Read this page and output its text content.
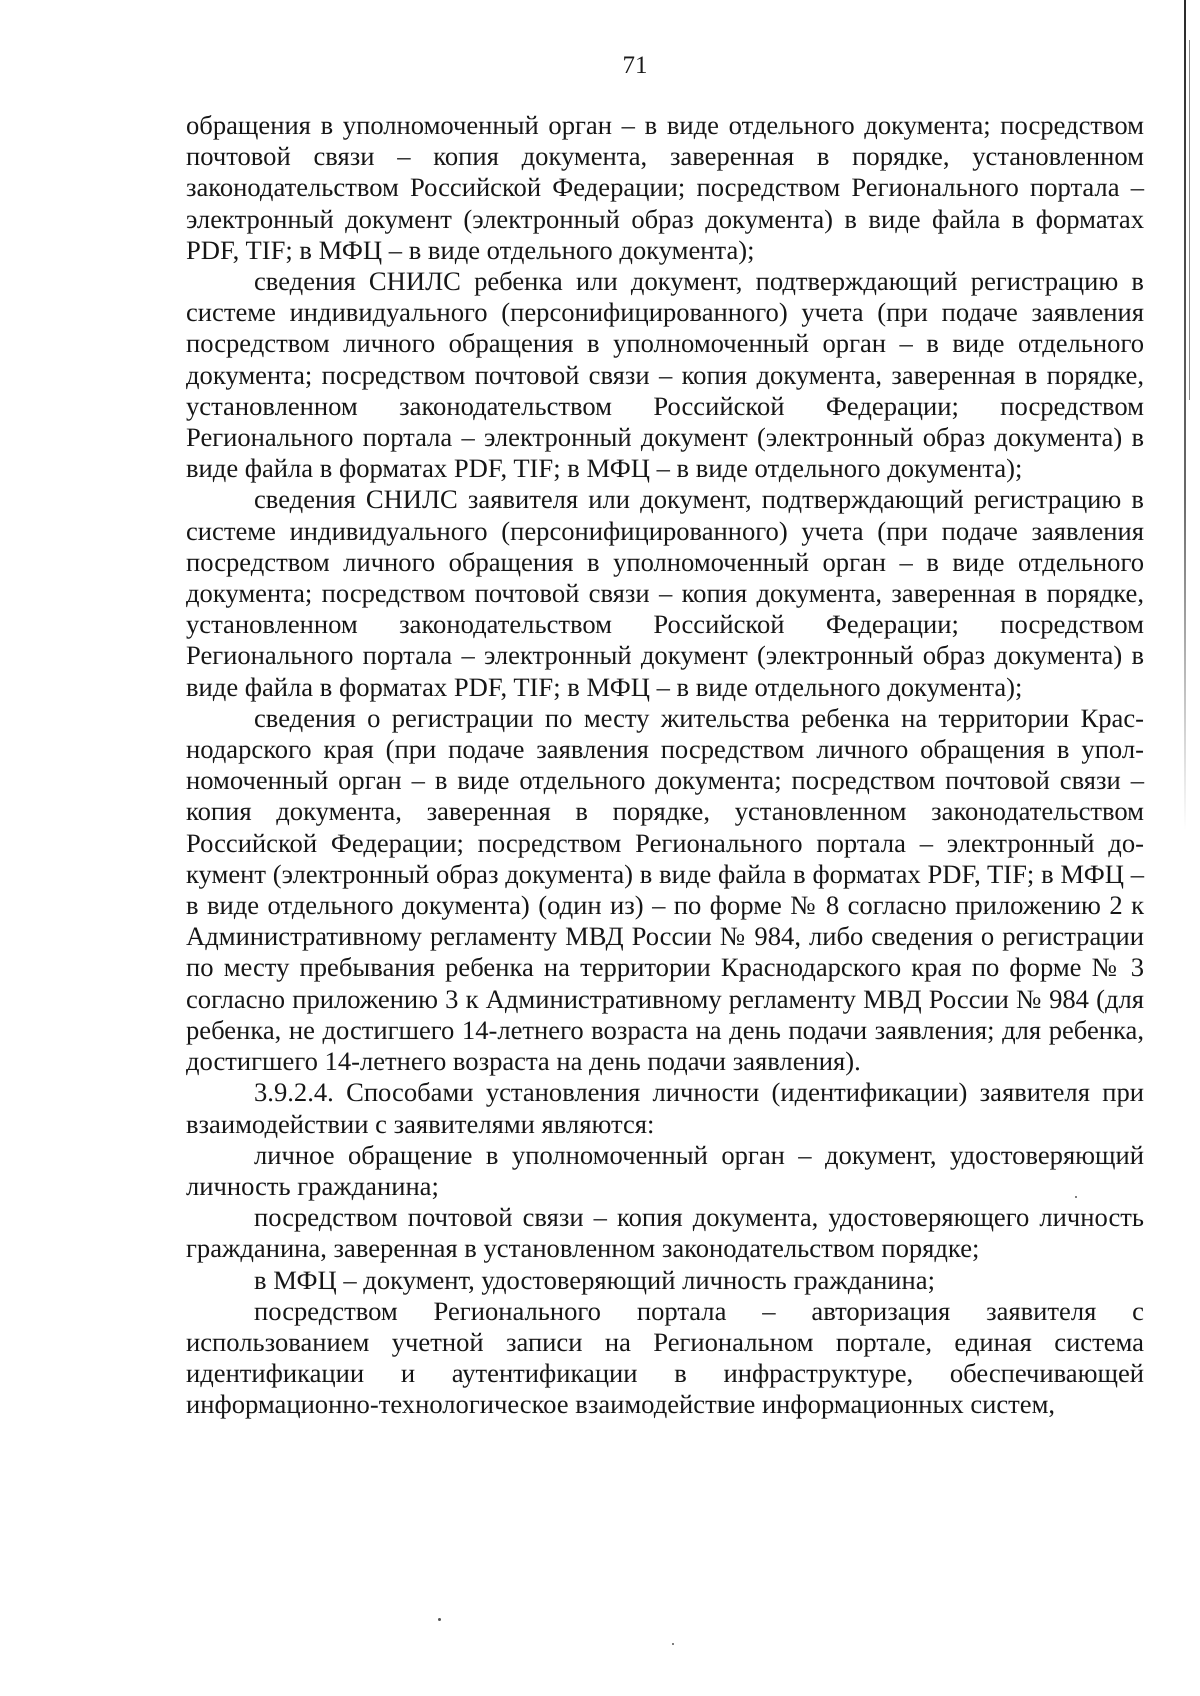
71

обращения в уполномоченный орган – в виде отдельного документа; посредством почтовой связи – копия документа, заверенная в порядке, установленном законодательством Российской Федерации; посредством Регионального портала – электронный документ (электронный образ документа) в виде файла в форматах PDF, TIF; в МФЦ – в виде отдельного документа);

сведения СНИЛС ребенка или документ, подтверждающий регистрацию в системе индивидуального (персонифицированного) учета (при подаче заявления посредством личного обращения в уполномоченный орган – в виде отдельного документа; посредством почтовой связи – копия документа, заверенная в порядке, установленном законодательством Российской Федерации; посредством Регионального портала – электронный документ (электронный образ документа) в виде файла в форматах PDF, TIF; в МФЦ – в виде отдельного документа);

сведения СНИЛС заявителя или документ, подтверждающий регистрацию в системе индивидуального (персонифицированного) учета (при подаче заявления посредством личного обращения в уполномоченный орган – в виде отдельного документа; посредством почтовой связи – копия документа, заверенная в порядке, установленном законодательством Российской Федерации; посредством Регионального портала – электронный документ (электронный образ документа) в виде файла в форматах PDF, TIF; в МФЦ – в виде отдельного документа);

сведения о регистрации по месту жительства ребенка на территории Краснодарского края (при подаче заявления посредством личного обращения в уполномоченный орган – в виде отдельного документа; посредством почтовой связи – копия документа, заверенная в порядке, установленном законодательством Российской Федерации; посредством Регионального портала – электронный документ (электронный образ документа) в виде файла в форматах PDF, TIF; в МФЦ – в виде отдельного документа) (один из) – по форме № 8 согласно приложению 2 к Административному регламенту МВД России № 984, либо сведения о регистрации по месту пребывания ребенка на территории Краснодарского края по форме № 3 согласно приложению 3 к Административному регламенту МВД России № 984 (для ребенка, не достигшего 14-летнего возраста на день подачи заявления; для ребенка, достигшего 14-летнего возраста на день подачи заявления).

3.9.2.4. Способами установления личности (идентификации) заявителя при взаимодействии с заявителями являются:

личное обращение в уполномоченный орган – документ, удостоверяющий личность гражданина;

посредством почтовой связи – копия документа, удостоверяющего личность гражданина, заверенная в установленном законодательством порядке;

в МФЦ – документ, удостоверяющий личность гражданина;

посредством Регионального портала – авторизация заявителя с использованием учетной записи на Региональном портале, единая система идентификации и аутентификации в инфраструктуре, обеспечивающей информационно-технологическое взаимодействие информационных систем,
